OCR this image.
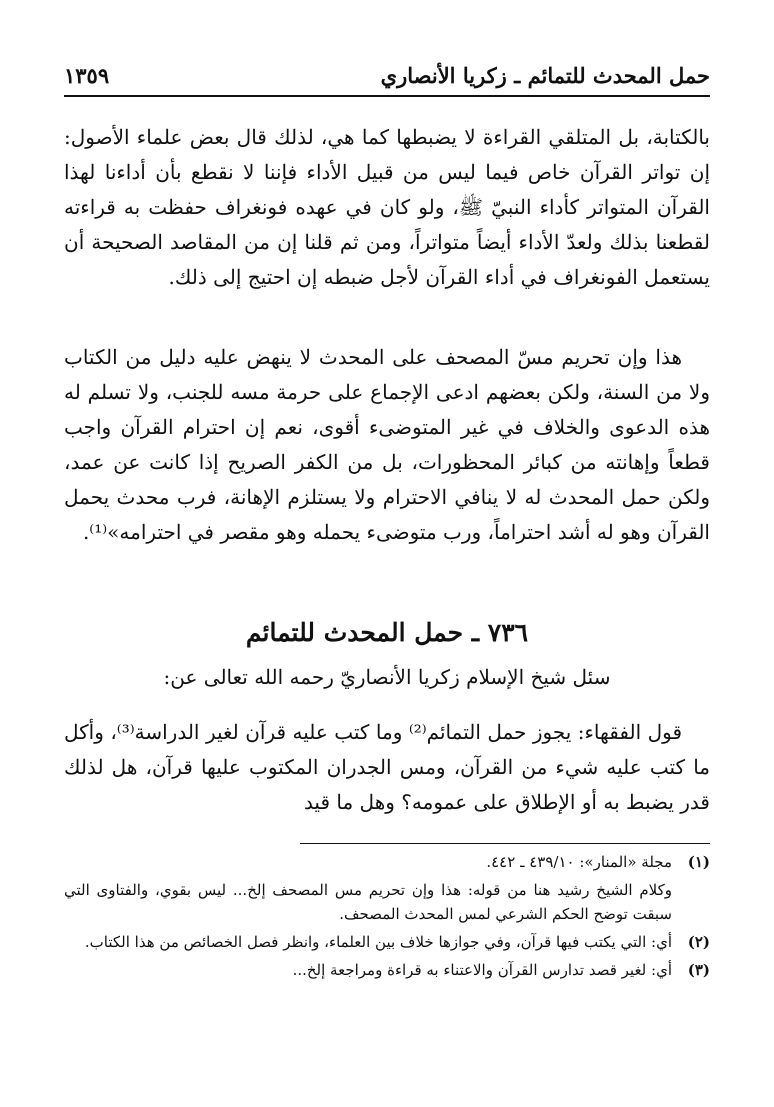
حمل المحدث للتمائم ـ زكريا الأنصاري
١٣٥٩

بالكتابة، بل المتلقي القراءة لا يضبطها كما هي، لذلك قال بعض علماء الأصول: إن تواتر القرآن خاص فيما ليس من قبيل الأداء فإننا لا نقطع بأن أداءنا لهذا القرآن المتواتر كأداء النبيّ ﷺ، ولو كان في عهده فونغراف حفظت به قراءته لقطعنا بذلك ولعدّ الأداء أيضاً متواتراً، ومن ثم قلنا إن من المقاصد الصحيحة أن يستعمل الفونغراف في أداء القرآن لأجل ضبطه إن احتيج إلى ذلك.

هذا وإن تحريم مسّ المصحف على المحدث لا ينهض عليه دليل من الكتاب ولا من السنة، ولكن بعضهم ادعى الإجماع على حرمة مسه للجنب، ولا تسلم له هذه الدعوى والخلاف في غير المتوضىء أقوى، نعم إن احترام القرآن واجب قطعاً وإهانته من كبائر المحظورات، بل من الكفر الصريح إذا كانت عن عمد، ولكن حمل المحدث له لا ينافي الاحترام ولا يستلزم الإهانة، فرب محدث يحمل القرآن وهو له أشد احتراماً، ورب متوضىء يحمله وهو مقصر في احترامه»⁽¹⁾.

٧٣٦ ـ حمل المحدث للتمائم
سئل شيخ الإسلام زكريا الأنصاريّ رحمه الله تعالى عن:

قول الفقهاء: يجوز حمل التمائم⁽²⁾ وما كتب عليه قرآن لغير الدراسة⁽³⁾، وأكل ما كتب عليه شيء من القرآن، ومس الجدران المكتوب عليها قرآن، هل لذلك قدر يضبط به أو الإطلاق على عمومه؟ وهل ما قيد

(١)
مجلة «المنار»: ٤٣٩/١٠ ـ ٤٤٢.
وكلام الشيخ رشيد هنا من قوله: هذا وإن تحريم مس المصحف إلخ... ليس بقوي، والفتاوى التي سبقت توضح الحكم الشرعي لمس المحدث المصحف.
(٢)
أي: التي يكتب فيها قرآن، وفي جوازها خلاف بين العلماء، وانظر فصل الخصائص من هذا الكتاب.
(٣)
أي: لغير قصد تدارس القرآن والاعتناء به قراءة ومراجعة إلخ...
